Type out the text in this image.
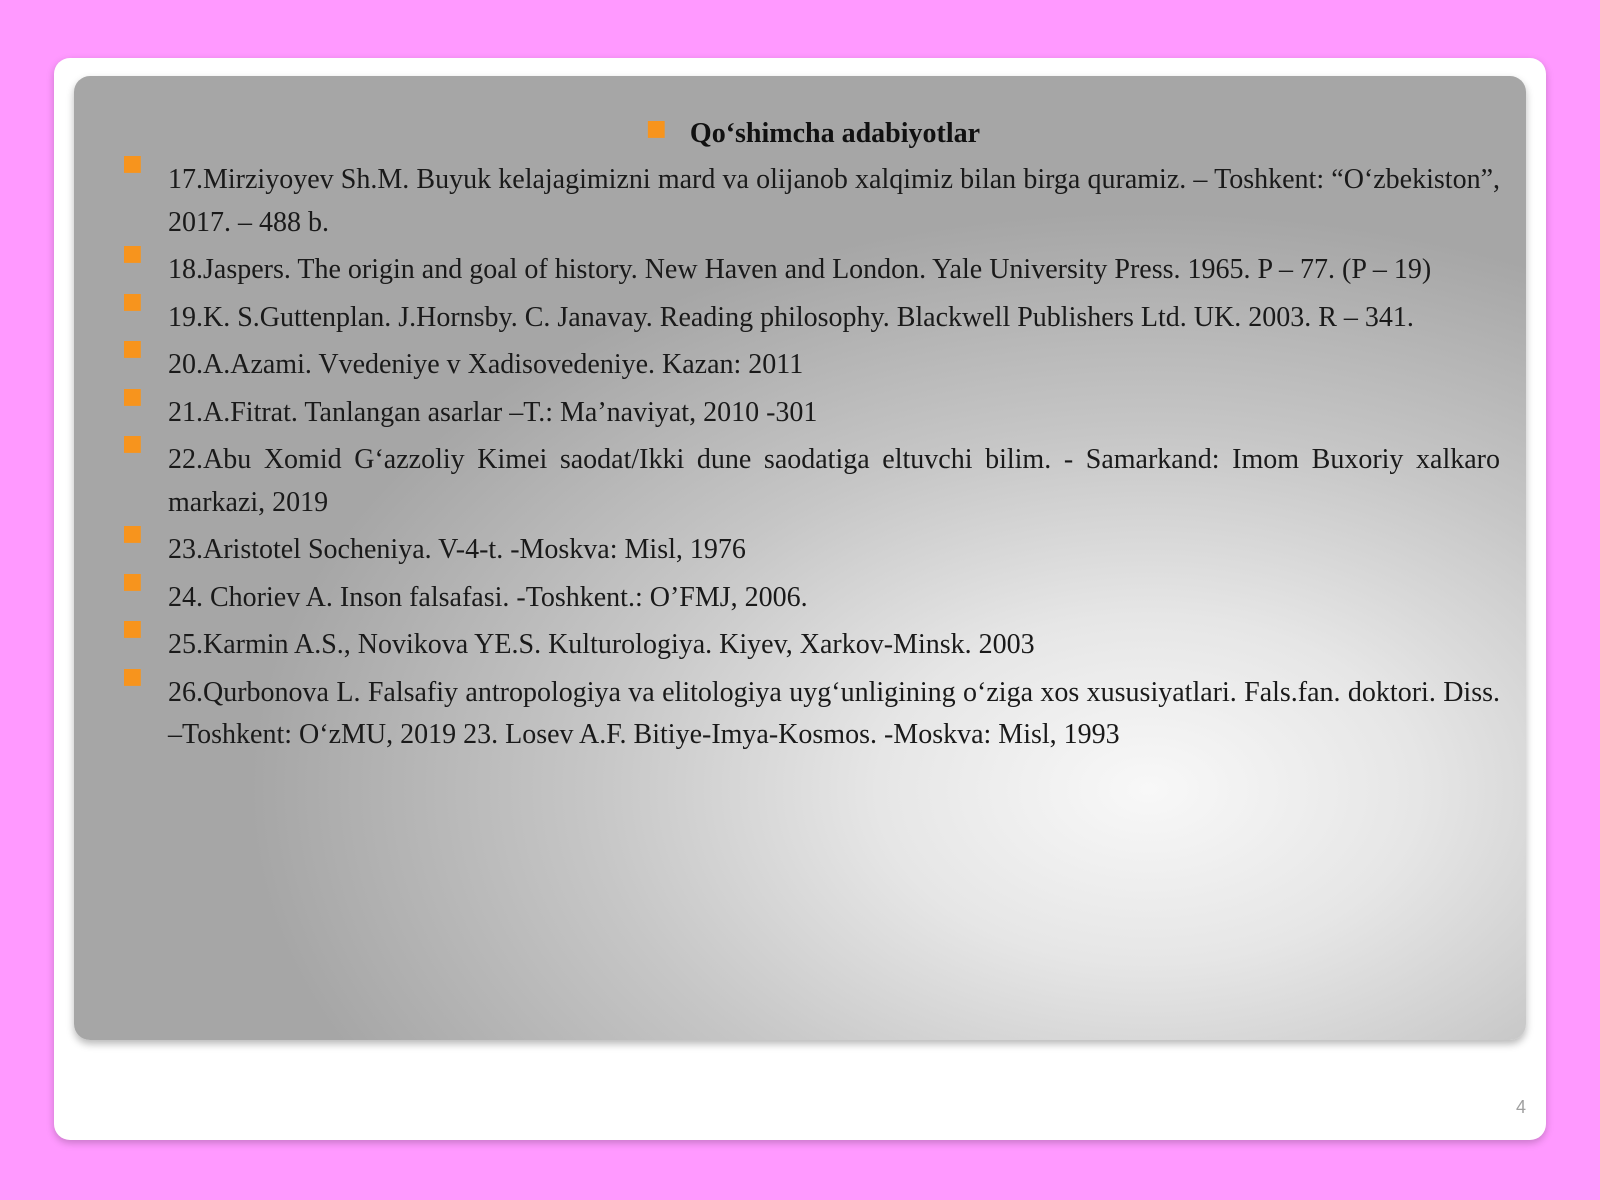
■ Qo‘shimcha adabiyotlar
■
17.Mirziyoyev Sh.M. Buyuk kelajagimizni mard va olijanob xalqimiz bilan birga quramiz. – Toshkent: “O‘zbekiston”, 2017. – 488 b.
■
18.Jaspers. The origin and goal of history. New Haven and London. Yale University Press. 1965. P – 77. (P – 19)
■
19.K. S.Guttenplan. J.Hornsby. C. Janavay. Reading philosophy. Blackwell Publishers Ltd. UK. 2003. R – 341.
■
20.A.Azami. Vvedeniye v Xadisovedeniye. Kazan: 2011
■
21.A.Fitrat. Tanlangan asarlar –T.: Ma’naviyat, 2010 -301
■
22.Abu Xomid G‘azzoliy Kimei saodat/Ikki dune saodatiga eltuvchi bilim. - Samarkand: Imom Buxoriy xalkaro markazi, 2019
■
23.Aristotel Socheniya. V-4-t. -Moskva: Misl, 1976
■
24. Choriev A. Inson falsafasi. -Toshkent.: O’FMJ, 2006.
■
25.Karmin A.S., Novikova YE.S. Kulturologiya. Kiyev, Xarkov-Minsk. 2003
■
26.Qurbonova L. Falsafiy antropologiya va elitologiya uyg‘unligining o‘ziga xos xususiyatlari. Fals.fan. doktori. Diss. –Toshkent: O‘zMU, 2019 23. Losev A.F. Bitiye-Imya-Kosmos. -Moskva: Misl, 1993
4
